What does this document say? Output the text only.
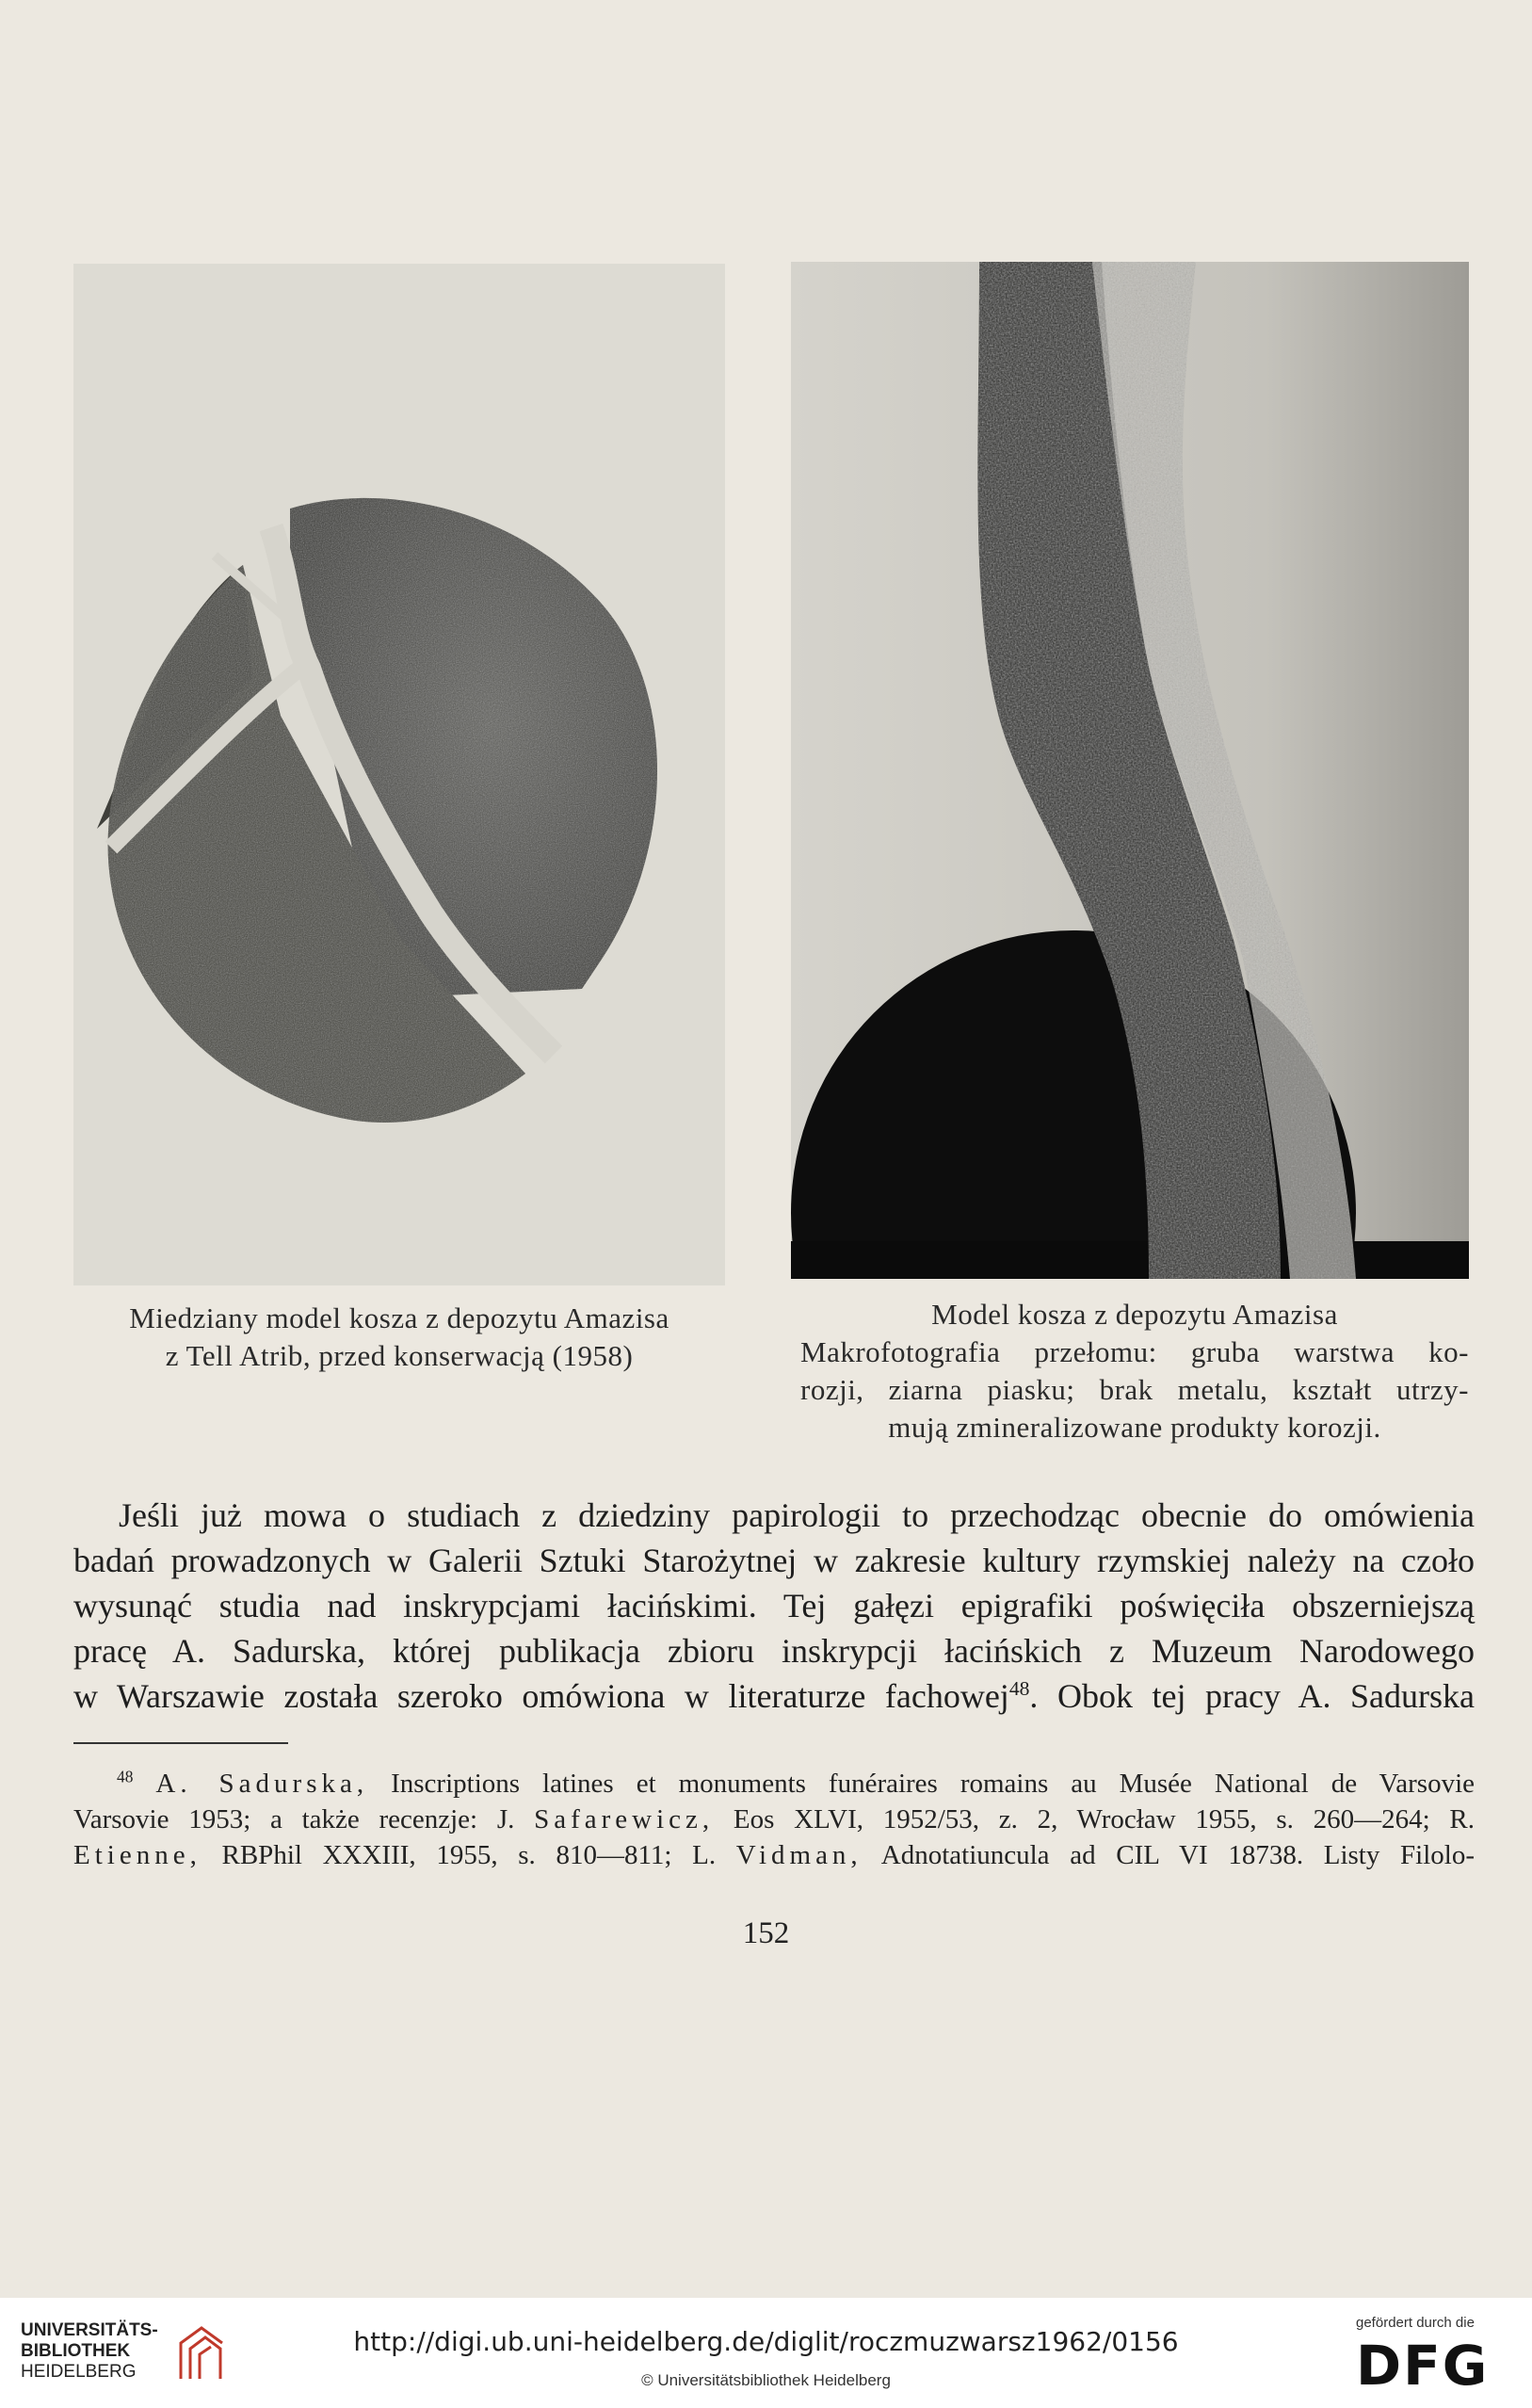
Miedziany model kosza z depozytu Amazisa
z Tell Atrib, przed konserwacją (1958)
Model kosza z depozytu Amazisa
Makrofotografia przełomu: gruba warstwa ko-
rozji, ziarna piasku; brak metalu, kształt utrzy-
mują zmineralizowane produkty korozji.
Jeśli już mowa o studiach z dziedziny papirologii to przechodząc obecnie do omówienia
badań prowadzonych w Galerii Sztuki Starożytnej w zakresie kultury rzymskiej należy na czoło
wysunąć studia nad inskrypcjami łacińskimi. Tej gałęzi epigrafiki poświęciła obszerniejszą
pracę A. Sadurska, której publikacja zbioru inskrypcji łacińskich z Muzeum Narodowego
w Warszawie została szeroko omówiona w literaturze fachowej$^{48}$. Obok tej pracy A. Sadurska
$^{48}$ A. Sadurska, Inscriptions latines et monuments funéraires romains au Musée National de Varsovie
Varsovie 1953; a także recenzje: J. Safarewicz, Eos XLVI, 1952/53, z. 2, Wrocław 1955, s. 260—264; R.
Etienne, RBPhil XXXIII, 1955, s. 810—811; L. Vidman, Adnotatiuncula ad CIL VI 18738. Listy Filolo-
152
UNIVERSITÄTS-
BIBLIOTHEK
HEIDELBERG
http://digi.ub.uni-heidelberg.de/diglit/roczmuzwarsz1962/0156
© Universitätsbibliothek Heidelberg
gefördert durch die
DFG
